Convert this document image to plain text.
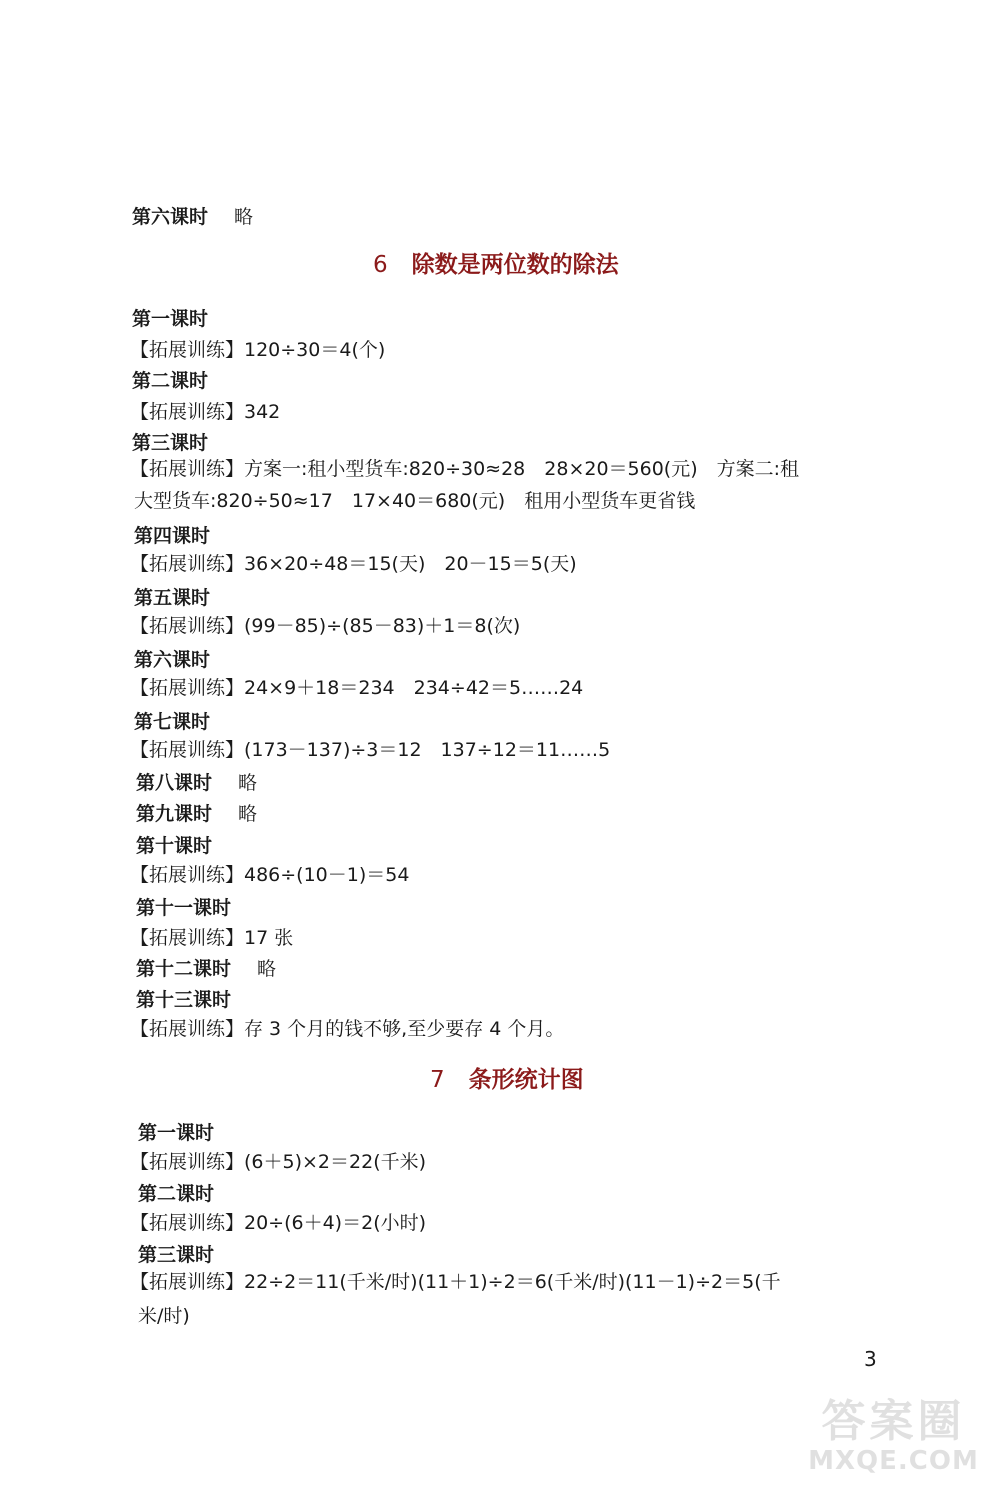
第六课时 略
6 除数是两位数的除法
第一课时
【拓展训练】120÷30＝4(个)
第二课时
【拓展训练】342
第三课时
【拓展训练】方案一:租小型货车:820÷30≈28　28×20＝560(元)　方案二:租
大型货车:820÷50≈17　17×40＝680(元)　租用小型货车更省钱
第四课时
【拓展训练】36×20÷48＝15(天)　20－15＝5(天)
第五课时
【拓展训练】(99－85)÷(85－83)＋1＝8(次)
第六课时
【拓展训练】24×9＋18＝234　234÷42＝5……24
第七课时
【拓展训练】(173－137)÷3＝12　137÷12＝11……5
第八课时 略
第九课时 略
第十课时
【拓展训练】486÷(10－1)＝54
第十一课时
【拓展训练】17 张
第十二课时 略
第十三课时
【拓展训练】存 3 个月的钱不够,至少要存 4 个月。
7 条形统计图
第一课时
【拓展训练】(6＋5)×2＝22(千米)
第二课时
【拓展训练】20÷(6＋4)＝2(小时)
第三课时
【拓展训练】22÷2＝11(千米/时)(11＋1)÷2＝6(千米/时)(11－1)÷2＝5(千
米/时)
3
答案圈
MXQE.COM
